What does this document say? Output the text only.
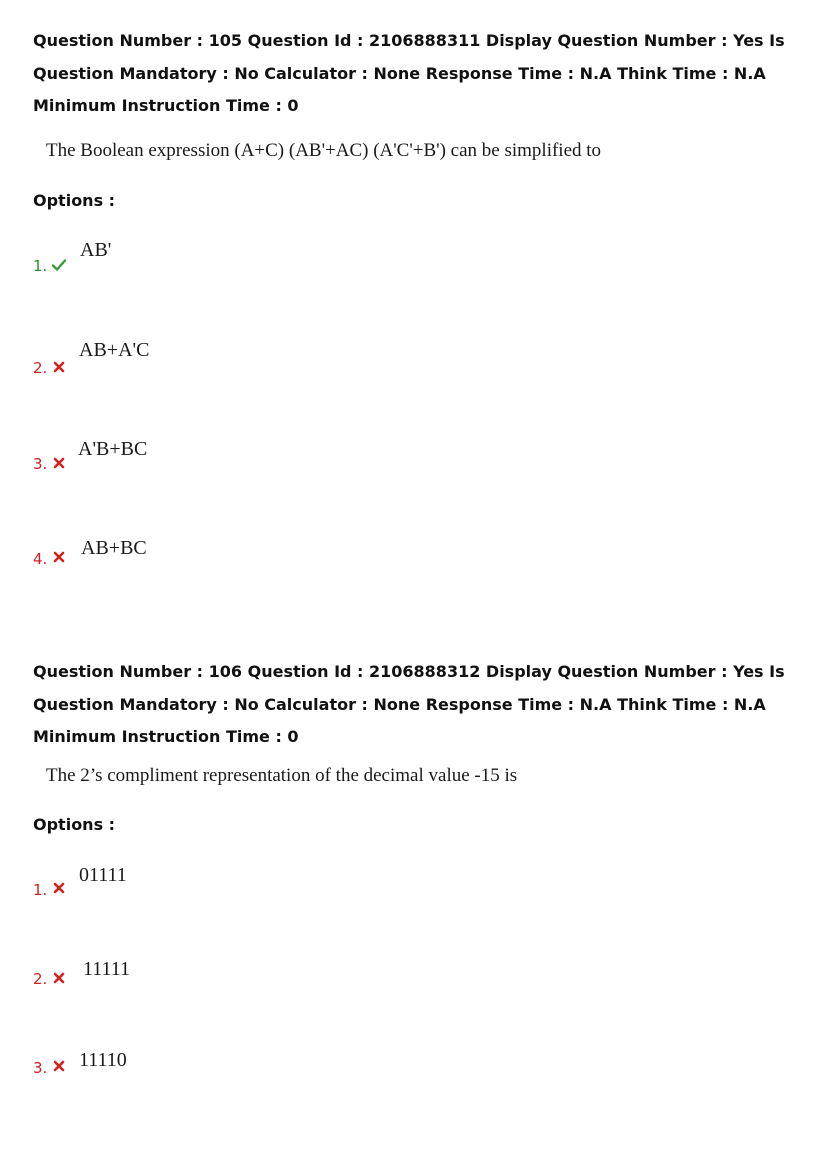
Question Number : 105 Question Id : 2106888311 Display Question Number : Yes Is Question Mandatory : No Calculator : None Response Time : N.A Think Time : N.A Minimum Instruction Time : 0
The Boolean expression (A+C) (AB'+AC) (A'C'+B') can be simplified to
Options :
1.
AB'
2.
AB+A'C
3.
A'B+BC
4. AB+BC
Question Number : 106 Question Id : 2106888312 Display Question Number : Yes Is Question Mandatory : No Calculator : None Response Time : N.A Think Time : N.A Minimum Instruction Time : 0
The 2’s compliment representation of the decimal value -15 is
Options :
1.
01111
2. 11111
3. 11110
